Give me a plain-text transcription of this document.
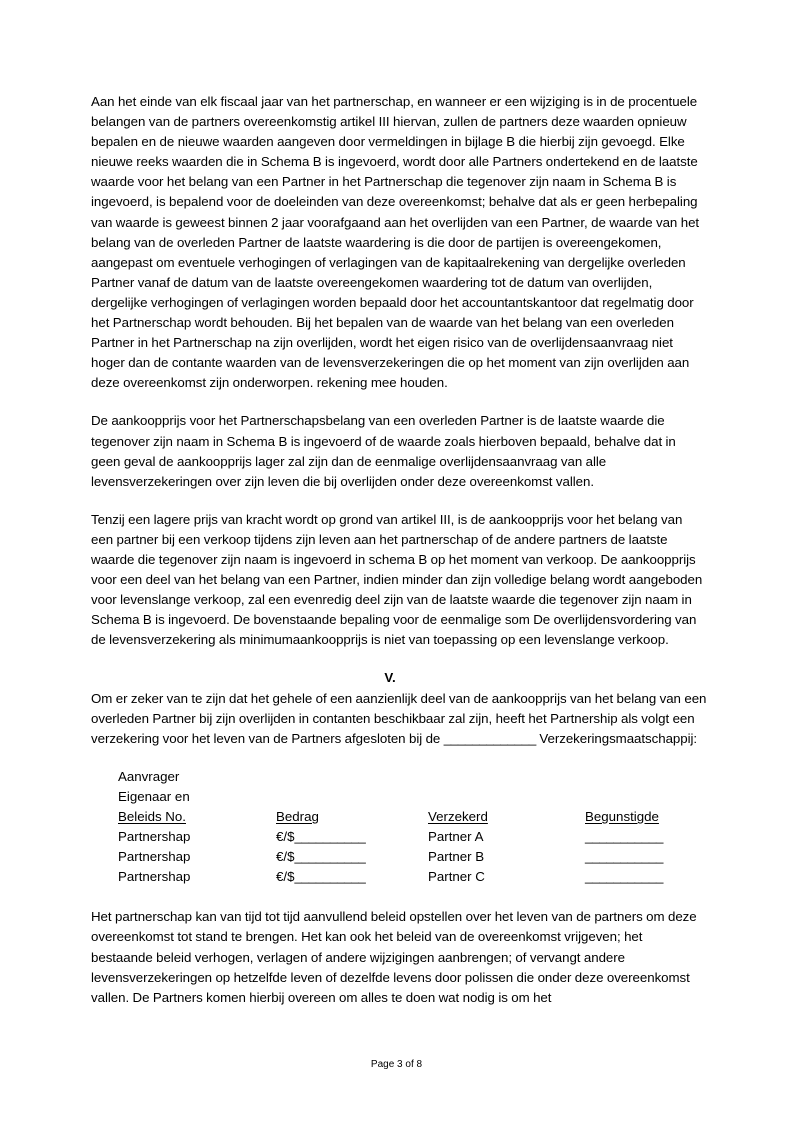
Aan het einde van elk fiscaal jaar van het partnerschap, en wanneer er een wijziging is in de procentuele belangen van de partners overeenkomstig artikel III hiervan, zullen de partners deze waarden opnieuw bepalen en de nieuwe waarden aangeven door vermeldingen in bijlage B die hierbij zijn gevoegd. Elke nieuwe reeks waarden die in Schema B is ingevoerd, wordt door alle Partners ondertekend en de laatste waarde voor het belang van een Partner in het Partnerschap die tegenover zijn naam in Schema B is ingevoerd, is bepalend voor de doeleinden van deze overeenkomst; behalve dat als er geen herbepaling van waarde is geweest binnen 2 jaar voorafgaand aan het overlijden van een Partner, de waarde van het belang van de overleden Partner de laatste waardering is die door de partijen is overeengekomen, aangepast om eventuele verhogingen of verlagingen van de kapitaalrekening van dergelijke overleden Partner vanaf de datum van de laatste overeengekomen waardering tot de datum van overlijden, dergelijke verhogingen of verlagingen worden bepaald door het accountantskantoor dat regelmatig door het Partnerschap wordt behouden. Bij het bepalen van de waarde van het belang van een overleden Partner in het Partnerschap na zijn overlijden, wordt het eigen risico van de overlijdensaanvraag niet hoger dan de contante waarden van de levensverzekeringen die op het moment van zijn overlijden aan deze overeenkomst zijn onderworpen. rekening mee houden.

De aankoopprijs voor het Partnerschapsbelang van een overleden Partner is de laatste waarde die tegenover zijn naam in Schema B is ingevoerd of de waarde zoals hierboven bepaald, behalve dat in geen geval de aankoopprijs lager zal zijn dan de eenmalige overlijdensaanvraag van alle levensverzekeringen over zijn leven die bij overlijden onder deze overeenkomst vallen.

Tenzij een lagere prijs van kracht wordt op grond van artikel III, is de aankoopprijs voor het belang van een partner bij een verkoop tijdens zijn leven aan het partnerschap of de andere partners de laatste waarde die tegenover zijn naam is ingevoerd in schema B op het moment van verkoop. De aankoopprijs voor een deel van het belang van een Partner, indien minder dan zijn volledige belang wordt aangeboden voor levenslange verkoop, zal een evenredig deel zijn van de laatste waarde die tegenover zijn naam in Schema B is ingevoerd. De bovenstaande bepaling voor de eenmalige som De overlijdensvordering van de levensverzekering als minimumaankoopprijs is niet van toepassing op een levenslange verkoop.

V.

Om er zeker van te zijn dat het gehele of een aanzienlijk deel van de aankoopprijs van het belang van een overleden Partner bij zijn overlijden in contanten beschikbaar zal zijn, heeft het Partnership als volgt een verzekering voor het leven van de Partners afgesloten bij de _____________ Verzekeringsmaatschappij:

Aanvrager			
Eigenaar en			
Beleids No.	Bedrag	Verzekerd	Begunstigde
Partnershap	€/$__________	Partner A	___________
Partnershap	€/$__________	Partner B	___________
Partnershap	€/$__________	Partner C	___________

Het partnerschap kan van tijd tot tijd aanvullend beleid opstellen over het leven van de partners om deze overeenkomst tot stand te brengen. Het kan ook het beleid van de overeenkomst vrijgeven; het bestaande beleid verhogen, verlagen of andere wijzigingen aanbrengen; of vervangt andere levensverzekeringen op hetzelfde leven of dezelfde levens door polissen die onder deze overeenkomst vallen. De Partners komen hierbij overeen om alles te doen wat nodig is om het

Page 3 of 8
